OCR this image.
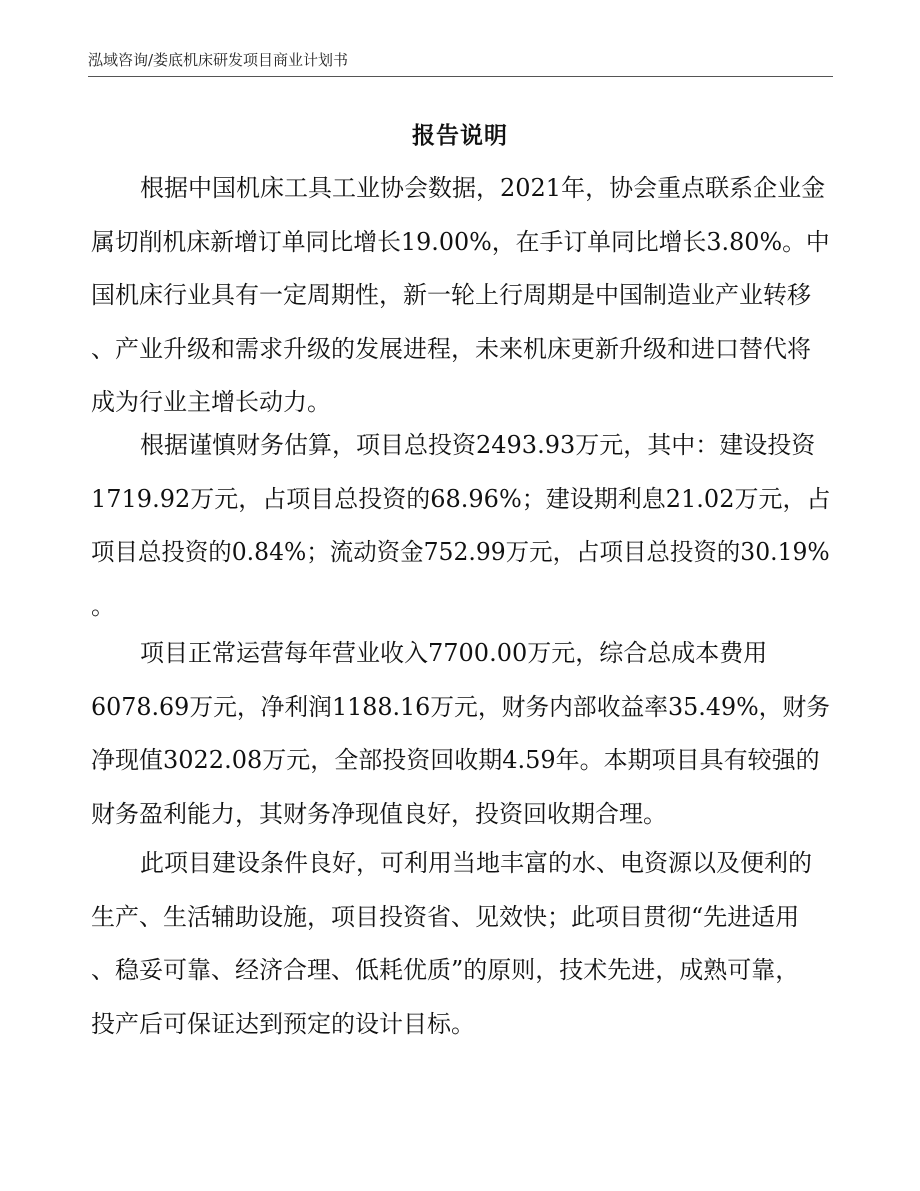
泓域咨询/娄底机床研发项目商业计划书
报告说明
根据中国机床工具工业协会数据，2021年，协会重点联系企业金
属切削机床新增订单同比增长19.00%，在手订单同比增长3.80%。中
国机床行业具有一定周期性，新一轮上行周期是中国制造业产业转移
、产业升级和需求升级的发展进程，未来机床更新升级和进口替代将
成为行业主增长动力。
根据谨慎财务估算，项目总投资2493.93万元，其中：建设投资
1719.92万元，占项目总投资的68.96%；建设期利息21.02万元，占
项目总投资的0.84%；流动资金752.99万元，占项目总投资的30.19%
。
项目正常运营每年营业收入7700.00万元，综合总成本费用
6078.69万元，净利润1188.16万元，财务内部收益率35.49%，财务
净现值3022.08万元，全部投资回收期4.59年。本期项目具有较强的
财务盈利能力，其财务净现值良好，投资回收期合理。
此项目建设条件良好，可利用当地丰富的水、电资源以及便利的
生产、生活辅助设施，项目投资省、见效快；此项目贯彻“先进适用
、稳妥可靠、经济合理、低耗优质”的原则，技术先进，成熟可靠，
投产后可保证达到预定的设计目标。
